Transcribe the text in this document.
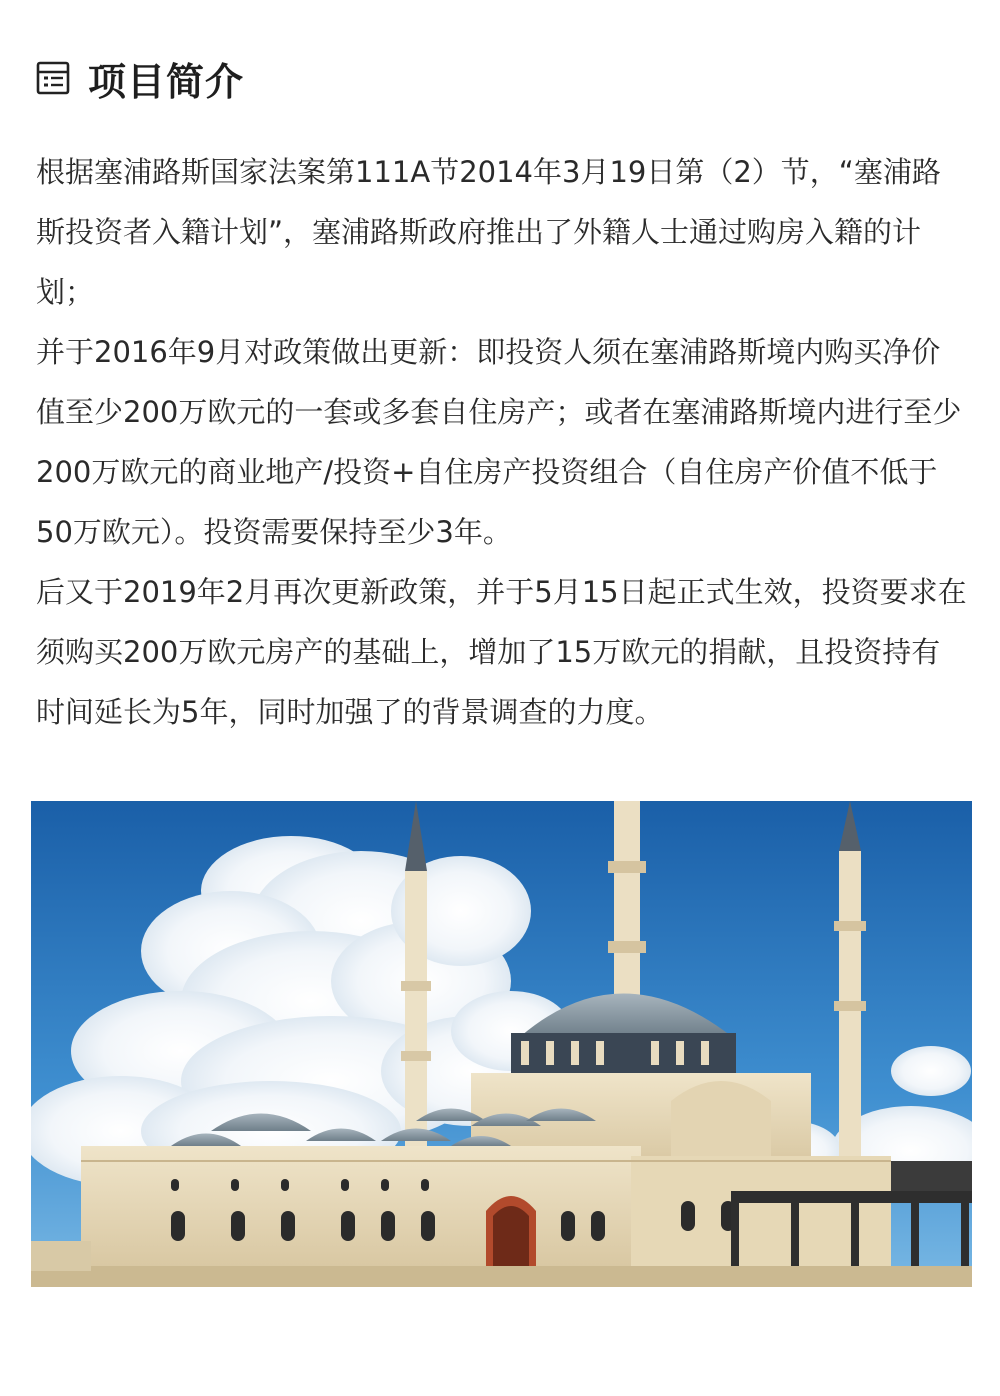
项目简介

根据塞浦路斯国家法案第111A节2014年3月19日第（2）节，“塞浦路斯投资者入籍计划”，塞浦路斯政府推出了外籍人士通过购房入籍的计划；

并于2016年9月对政策做出更新：即投资人须在塞浦路斯境内购买净价值至少200万欧元的一套或多套自住房产；或者在塞浦路斯境内进行至少200万欧元的商业地产/投资+自住房产投资组合（自住房产价值不低于50万欧元）。投资需要保持至少3年。

后又于2019年2月再次更新政策，并于5月15日起正式生效，投资要求在须购买200万欧元房产的基础上，增加了15万欧元的捐献，且投资持有时间延长为5年，同时加强了的背景调查的力度。
